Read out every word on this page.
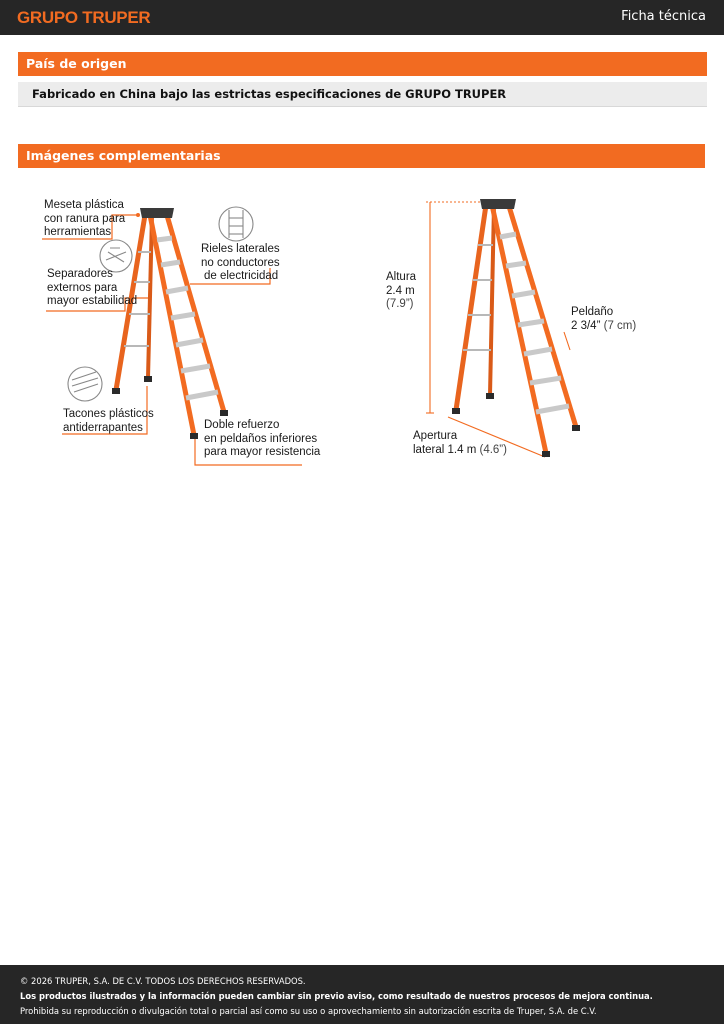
GRUPO TRUPER	Ficha técnica
País de origen
Fabricado en China bajo las estrictas especificaciones de GRUPO TRUPER
Imágenes complementarias
Meseta plástica
con ranura para
herramientas
Rieles laterales
no conductores
de electricidad
Separadores
externos para
mayor estabilidad
Tacones plásticos
antiderrapantes	Doble refuerzo
en peldaños inferiores
para mayor resistencia
Altura
2.4 m
(7.9”)
Peldaño
2 3/4” (7 cm)
Apertura
lateral 1.4 m (4.6”)
© 2026 TRUPER, S.A. DE C.V. TODOS LOS DERECHOS RESERVADOS.
Los productos ilustrados y la información pueden cambiar sin previo aviso, como resultado de nuestros procesos de mejora continua.
Prohibida su reproducción o divulgación total o parcial así como su uso o aprovechamiento sin autorización escrita de Truper, S.A. de C.V.
